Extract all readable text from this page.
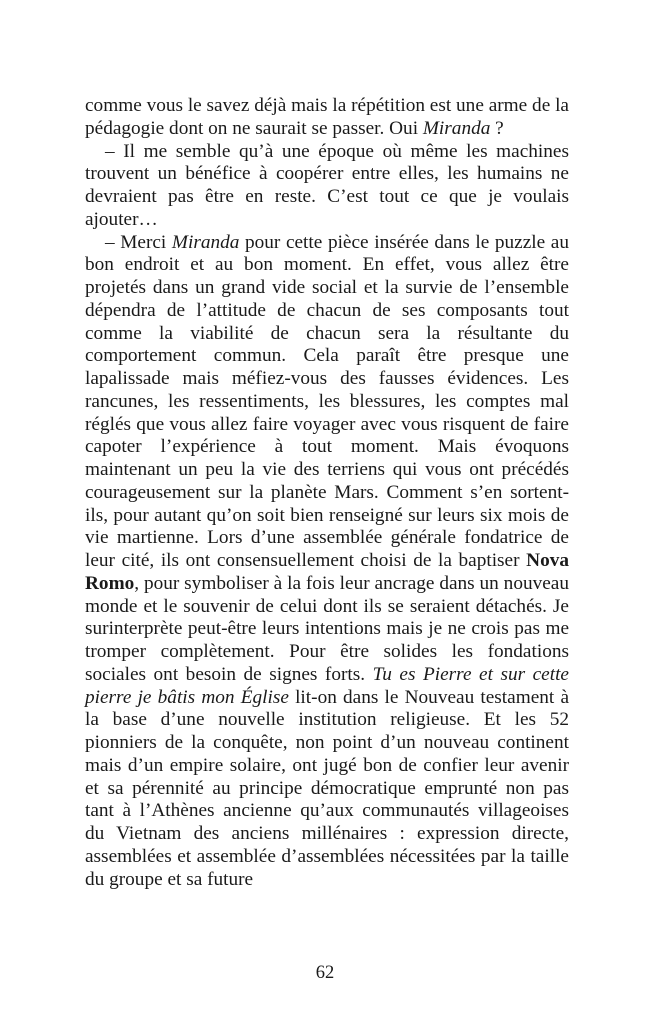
comme vous le savez déjà mais la répétition est une arme de la pédagogie dont on ne saurait se passer. Oui Miranda ?

– Il me semble qu’à une époque où même les machines trouvent un bénéfice à coopérer entre elles, les humains ne devraient pas être en reste. C’est tout ce que je voulais ajouter…

– Merci Miranda pour cette pièce insérée dans le puzzle au bon endroit et au bon moment. En effet, vous allez être projetés dans un grand vide social et la survie de l’ensemble dépendra de l’attitude de chacun de ses composants tout comme la viabilité de chacun sera la résultante du comportement commun. Cela paraît être presque une lapalissade mais méfiez-vous des fausses évidences. Les rancunes, les ressentiments, les blessures, les comptes mal réglés que vous allez faire voyager avec vous risquent de faire capoter l’expérience à tout moment. Mais évoquons maintenant un peu la vie des terriens qui vous ont précédés courageusement sur la planète Mars. Comment s’en sortent-ils, pour autant qu’on soit bien renseigné sur leurs six mois de vie martienne. Lors d’une assemblée générale fondatrice de leur cité, ils ont consensuellement choisi de la baptiser Nova Romo, pour symboliser à la fois leur ancrage dans un nouveau monde et le souvenir de celui dont ils se seraient détachés. Je surinterprète peut-être leurs intentions mais je ne crois pas me tromper complètement. Pour être solides les fondations sociales ont besoin de signes forts. Tu es Pierre et sur cette pierre je bâtis mon Église lit-on dans le Nouveau testament à la base d’une nouvelle institution religieuse. Et les 52 pionniers de la conquête, non point d’un nouveau continent mais d’un empire solaire, ont jugé bon de confier leur avenir et sa pérennité au principe démocratique emprunté non pas tant à l’Athènes ancienne qu’aux communautés villageoises du Vietnam des anciens millénaires : expression directe, assemblées et assemblée d’assemblées nécessitées par la taille du groupe et sa future

62
